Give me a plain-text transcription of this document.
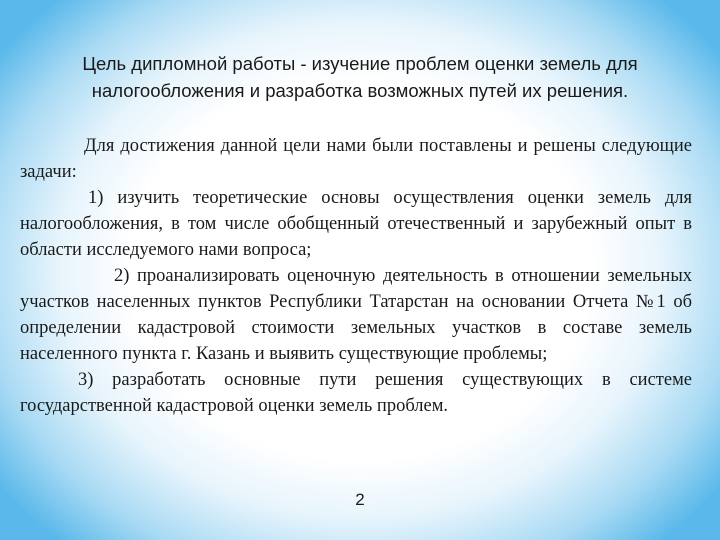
Цель дипломной работы - изучение проблем оценки земель для
налогообложения и разработка возможных путей их решения.

Для достижения данной цели нами были поставлены и решены следующие задачи:

1) изучить теоретические основы осуществления оценки земель для налогообложения, в том числе обобщенный отечественный и зарубежный опыт в области исследуемого нами вопроса;

2) проанализировать оценочную деятельность в отношении земельных участков населенных пунктов Республики Татарстан на основании Отчета №1 об определении кадастровой стоимости земельных участков в составе земель населенного пункта г. Казань и выявить существующие проблемы;

3) разработать основные пути решения существующих в системе государственной кадастровой оценки земель проблем.

2
